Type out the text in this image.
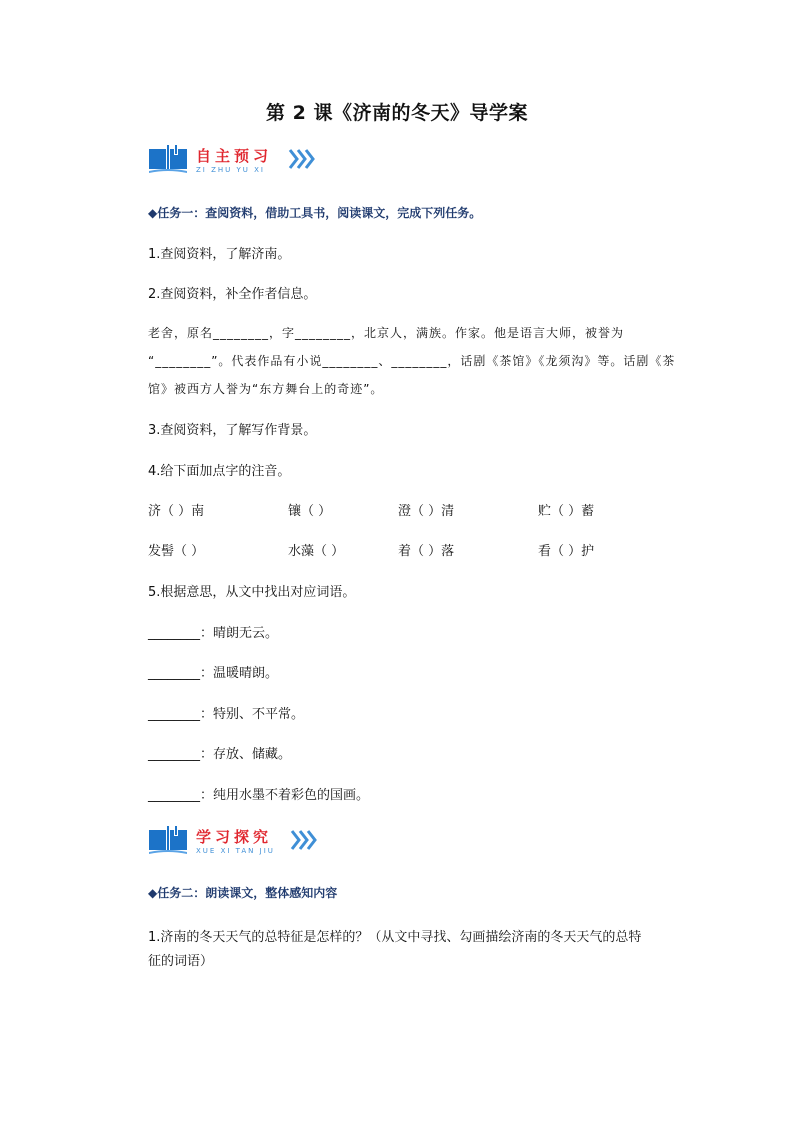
第 2 课《济南的冬天》导学案
自主预习
ZI ZHU YU XI
◆任务一：查阅资料，借助工具书，阅读课文，完成下列任务。
1.查阅资料，了解济南。
2.查阅资料，补全作者信息。
老舍，原名________，字________，北京人，满族。作家。他是语言大师，被誉为
“________”。代表作品有小说________、________，话剧《茶馆》《龙须沟》等。话剧《茶
馆》被西方人誉为“东方舞台上的奇迹”。
3.查阅资料，了解写作背景。
4.给下面加点字的注音。
济（ ）南	镶（ ）	澄（ ）清	贮（ ）蓄
发髻（ ）	水藻（ ）	着（ ）落	看（ ）护
5.根据意思，从文中找出对应词语。
________：晴朗无云。
________：温暖晴朗。
________：特别、不平常。
________：存放、储藏。
________：纯用水墨不着彩色的国画。
学习探究
XUE XI TAN JIU
◆任务二：朗读课文，整体感知内容
1.济南的冬天天气的总特征是怎样的？（从文中寻找、勾画描绘济南的冬天天气的总特
征的词语）
